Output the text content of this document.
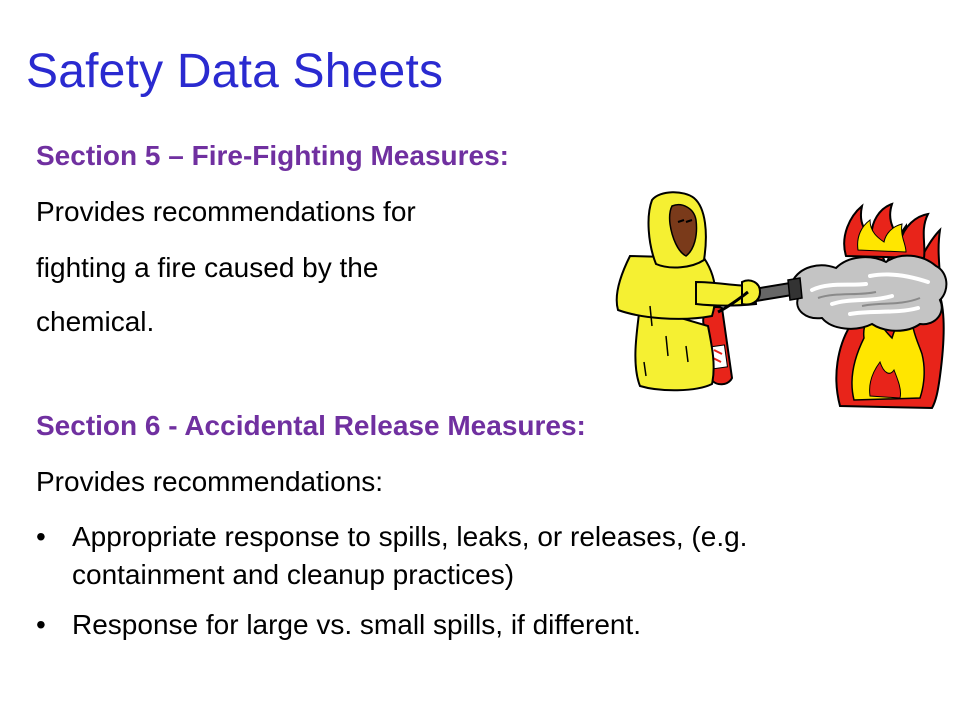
Safety Data Sheets
Section 5 – Fire-Fighting Measures:
Provides recommendations for
fighting a fire caused by the
chemical.
Section 6 - Accidental Release Measures:
Provides recommendations:
• Appropriate response to spills, leaks, or releases, (e.g.
containment and cleanup practices)
• Response for large vs. small spills, if different.
